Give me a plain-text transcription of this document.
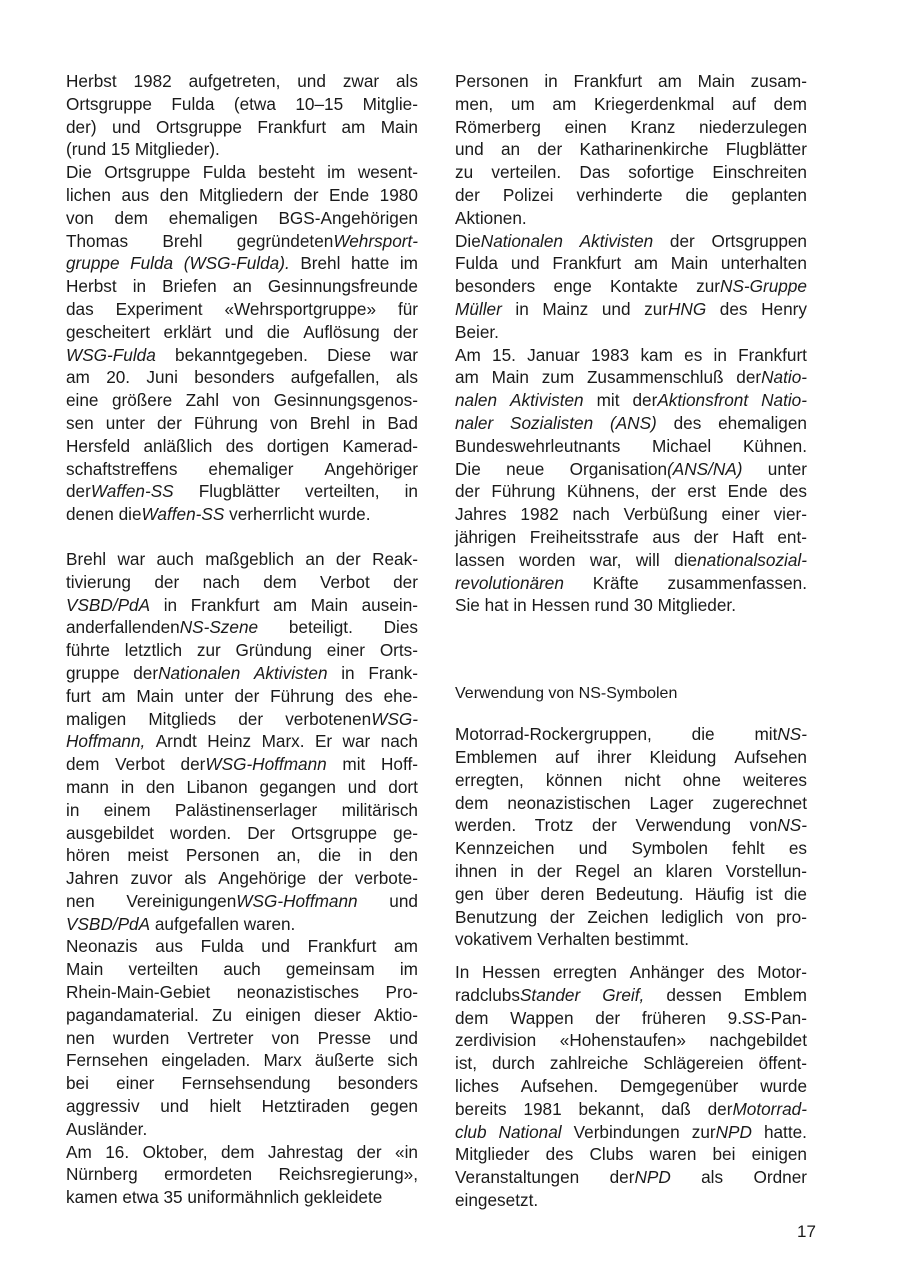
Herbst 1982 aufgetreten, und zwar als
Ortsgruppe Fulda (etwa 10–15 Mitglie-
der) und Ortsgruppe Frankfurt am Main
(rund 15 Mitglieder).
Die Ortsgruppe Fulda besteht im wesent-
lichen aus den Mitgliedern der Ende 1980
von dem ehemaligen BGS-Angehörigen
Thomas Brehl gegründetenWehrsport-
gruppe Fulda (WSG-Fulda). Brehl hatte im
Herbst in Briefen an Gesinnungsfreunde
das Experiment «Wehrsportgruppe» für
gescheitert erklärt und die Auflösung der
WSG-Fulda bekanntgegeben. Diese war
am 20. Juni besonders aufgefallen, als
eine größere Zahl von Gesinnungsgenos-
sen unter der Führung von Brehl in Bad
Hersfeld anläßlich des dortigen Kamerad-
schaftstreffens ehemaliger Angehöriger
derWaffen-SS Flugblätter verteilten, in
denen dieWaffen-SS verherrlicht wurde.
Brehl war auch maßgeblich an der Reak-
tivierung der nach dem Verbot der
VSBD/PdA in Frankfurt am Main ausein-
anderfallendenNS-Szene beteiligt. Dies
führte letztlich zur Gründung einer Orts-
gruppe derNationalen Aktivisten in Frank-
furt am Main unter der Führung des ehe-
maligen Mitglieds der verbotenenWSG-
Hoffmann, Arndt Heinz Marx. Er war nach
dem Verbot derWSG-Hoffmann mit Hoff-
mann in den Libanon gegangen und dort
in einem Palästinenserlager militärisch
ausgebildet worden. Der Ortsgruppe ge-
hören meist Personen an, die in den
Jahren zuvor als Angehörige der verbote-
nen VereinigungenWSG-Hoffmann und
VSBD/PdA aufgefallen waren.
Neonazis aus Fulda und Frankfurt am
Main verteilten auch gemeinsam im
Rhein-Main-Gebiet neonazistisches Pro-
pagandamaterial. Zu einigen dieser Aktio-
nen wurden Vertreter von Presse und
Fernsehen eingeladen. Marx äußerte sich
bei einer Fernsehsendung besonders
aggressiv und hielt Hetztiraden gegen
Ausländer.
Am 16. Oktober, dem Jahrestag der «in
Nürnberg ermordeten Reichsregierung»,
kamen etwa 35 uniformähnlich gekleidete
Personen in Frankfurt am Main zusam-
men, um am Kriegerdenkmal auf dem
Römerberg einen Kranz niederzulegen
und an der Katharinenkirche Flugblätter
zu verteilen. Das sofortige Einschreiten
der Polizei verhinderte die geplanten
Aktionen.
DieNationalen Aktivisten der Ortsgruppen
Fulda und Frankfurt am Main unterhalten
besonders enge Kontakte zurNS-Gruppe
Müller in Mainz und zurHNG des Henry
Beier.
Am 15. Januar 1983 kam es in Frankfurt
am Main zum Zusammenschluß derNatio-
nalen Aktivisten mit derAktionsfront Natio-
naler Sozialisten (ANS) des ehemaligen
Bundeswehrleutnants Michael Kühnen.
Die neue Organisation(ANS/NA) unter
der Führung Kühnens, der erst Ende des
Jahres 1982 nach Verbüßung einer vier-
jährigen Freiheitsstrafe aus der Haft ent-
lassen worden war, will dienationalsozial-
revolutionären Kräfte zusammenfassen.
Sie hat in Hessen rund 30 Mitglieder.
Verwendung von NS-Symbolen
Motorrad-Rockergruppen, die mitNS-
Emblemen auf ihrer Kleidung Aufsehen
erregten, können nicht ohne weiteres
dem neonazistischen Lager zugerechnet
werden. Trotz der Verwendung vonNS-
Kennzeichen und Symbolen fehlt es
ihnen in der Regel an klaren Vorstellun-
gen über deren Bedeutung. Häufig ist die
Benutzung der Zeichen lediglich von pro-
vokativem Verhalten bestimmt.
In Hessen erregten Anhänger des Motor-
radclubsStander Greif, dessen Emblem
dem Wappen der früheren 9.SS-Pan-
zerdivision «Hohenstaufen» nachgebildet
ist, durch zahlreiche Schlägereien öffent-
liches Aufsehen. Demgegenüber wurde
bereits 1981 bekannt, daß derMotorrad-
club National Verbindungen zurNPD hatte.
Mitglieder des Clubs waren bei einigen
Veranstaltungen derNPD als Ordner
eingesetzt.
17
